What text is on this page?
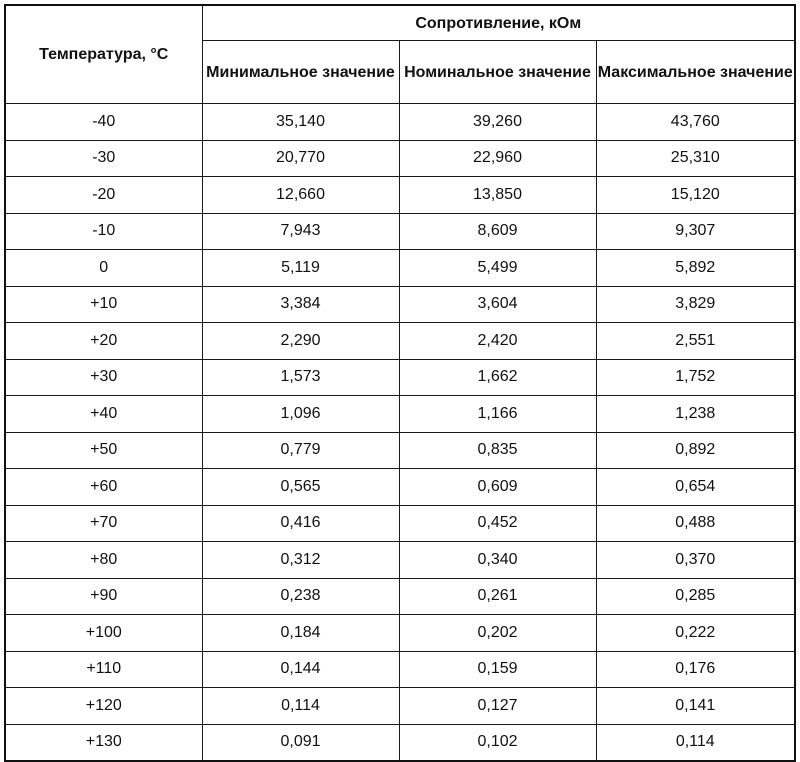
Температура, °C	Сопротивление, кОм		
	Минимальное значение	Номинальное значение	Максимальное значение
-40	35,140	39,260	43,760
-30	20,770	22,960	25,310
-20	12,660	13,850	15,120
-10	7,943	8,609	9,307
0	5,119	5,499	5,892
+10	3,384	3,604	3,829
+20	2,290	2,420	2,551
+30	1,573	1,662	1,752
+40	1,096	1,166	1,238
+50	0,779	0,835	0,892
+60	0,565	0,609	0,654
+70	0,416	0,452	0,488
+80	0,312	0,340	0,370
+90	0,238	0,261	0,285
+100	0,184	0,202	0,222
+110	0,144	0,159	0,176
+120	0,114	0,127	0,141
+130	0,091	0,102	0,114
